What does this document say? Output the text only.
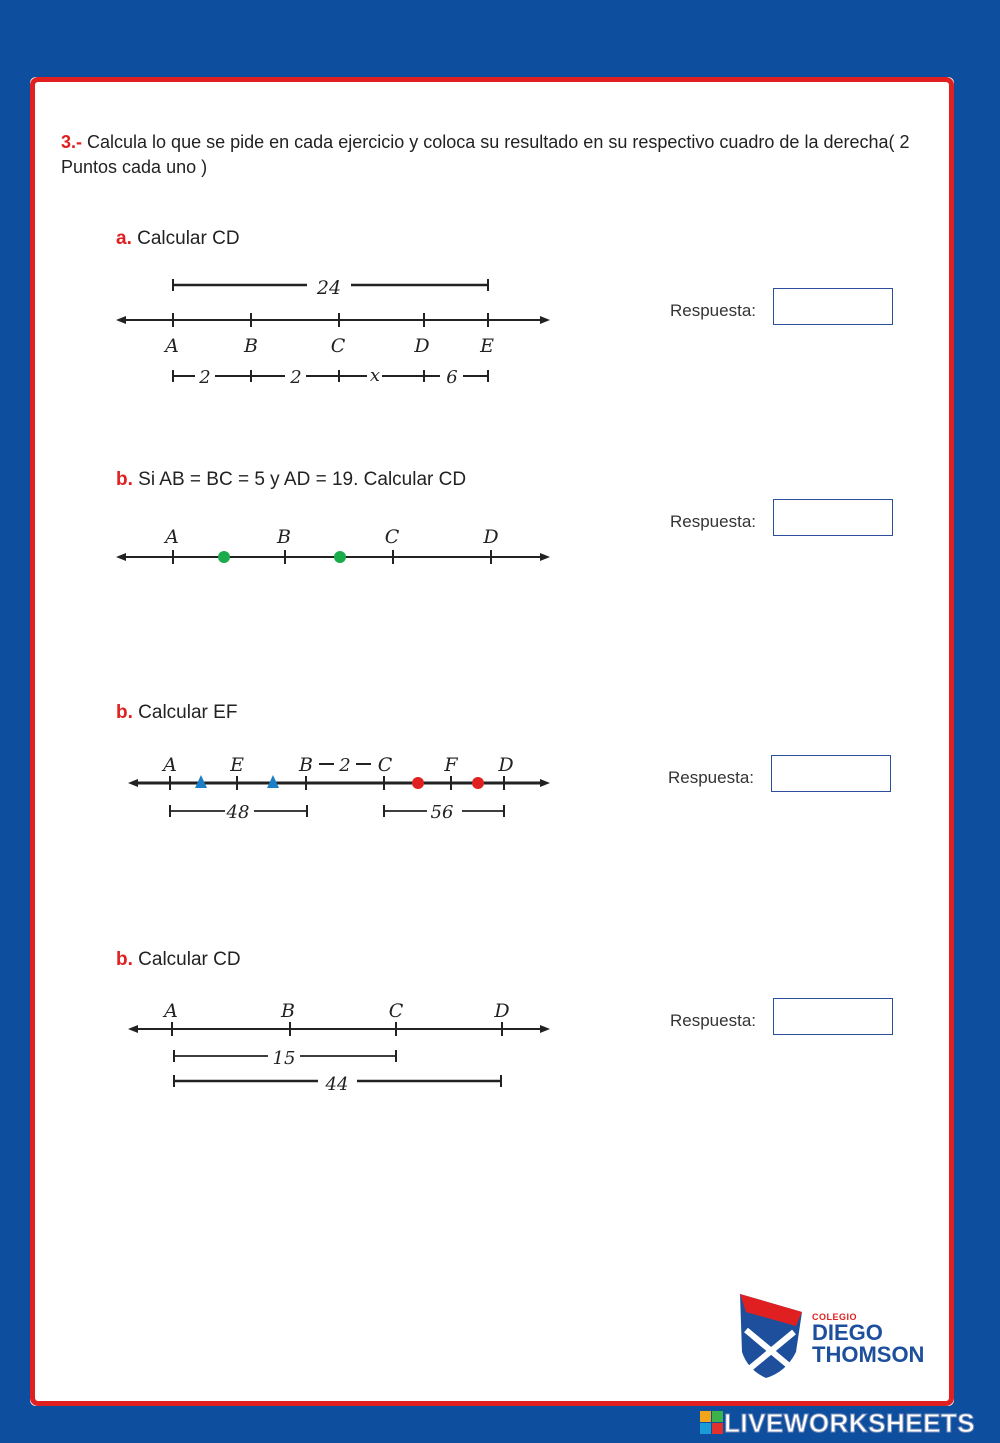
3.- Calcula lo que se pide en cada ejercicio y coloca su resultado en su respectivo cuadro de la derecha( 2 Puntos cada uno )
a. Calcular CD
24
A	B	C	D	E
2	2	x	6
Respuesta:
b. Si AB = BC = 5 y AD = 19. Calcular CD
A	B	C	D
Respuesta:
b. Calcular EF
A	E	B 2 C	F D
48	56
Respuesta:
b. Calcular CD
A	B	C	D
15
44
Respuesta:
COLEGIO
DIEGO
THOMSON
LIVEWORKSHEETS
